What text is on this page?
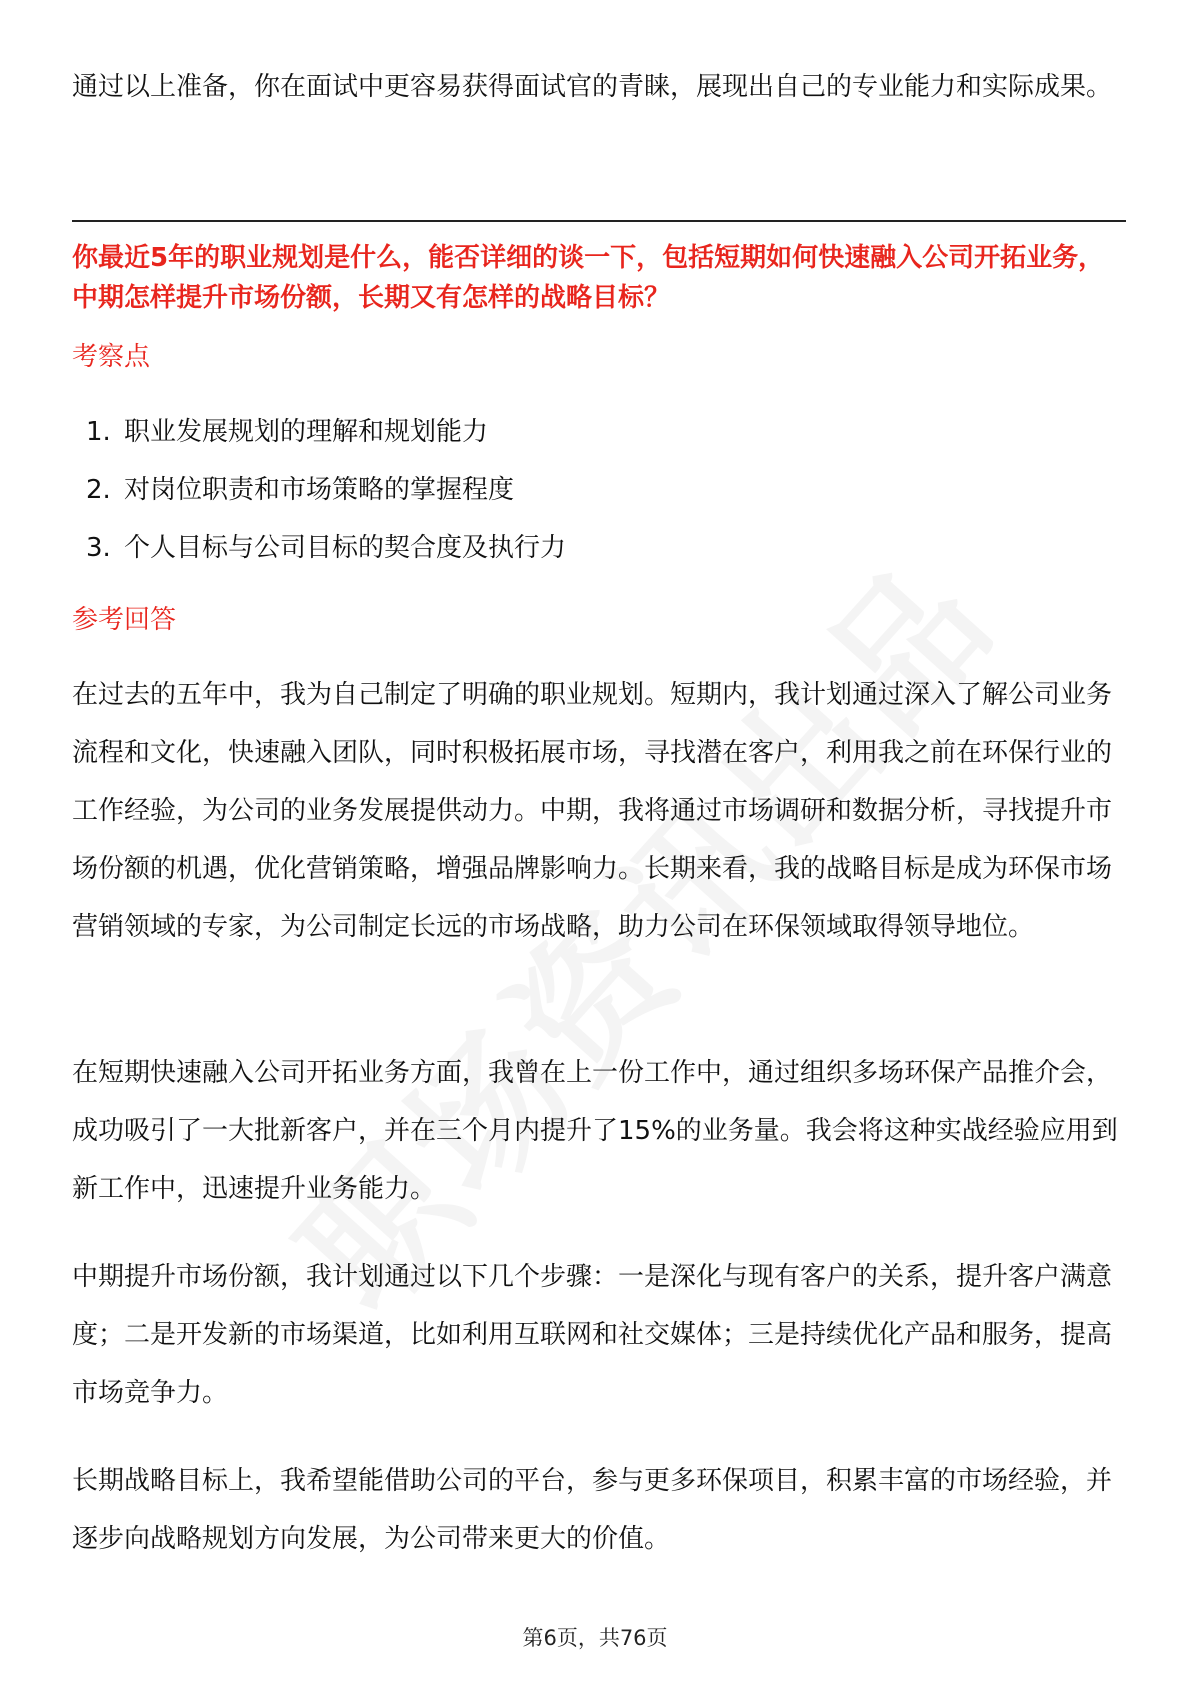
通过以上准备，你在面试中更容易获得面试官的青睐，展现出自己的专业能力和实际成果。

你最近5年的职业规划是什么，能否详细的谈一下，包括短期如何快速融入公司开拓业务，中期怎样提升市场份额，长期又有怎样的战略目标？

考察点

1. 职业发展规划的理解和规划能力
2. 对岗位职责和市场策略的掌握程度
3. 个人目标与公司目标的契合度及执行力

参考回答

在过去的五年中，我为自己制定了明确的职业规划。短期内，我计划通过深入了解公司业务流程和文化，快速融入团队，同时积极拓展市场，寻找潜在客户，利用我之前在环保行业的工作经验，为公司的业务发展提供动力。中期，我将通过市场调研和数据分析，寻找提升市场份额的机遇，优化营销策略，增强品牌影响力。长期来看，我的战略目标是成为环保市场营销领域的专家，为公司制定长远的市场战略，助力公司在环保领域取得领导地位。

在短期快速融入公司开拓业务方面，我曾在上一份工作中，通过组织多场环保产品推介会，成功吸引了一大批新客户，并在三个月内提升了15%的业务量。我会将这种实战经验应用到新工作中，迅速提升业务能力。

中期提升市场份额，我计划通过以下几个步骤：一是深化与现有客户的关系，提升客户满意度；二是开发新的市场渠道，比如利用互联网和社交媒体；三是持续优化产品和服务，提高市场竞争力。

长期战略目标上，我希望能借助公司的平台，参与更多环保项目，积累丰富的市场经验，并逐步向战略规划方向发展，为公司带来更大的价值。

第6页，共76页
